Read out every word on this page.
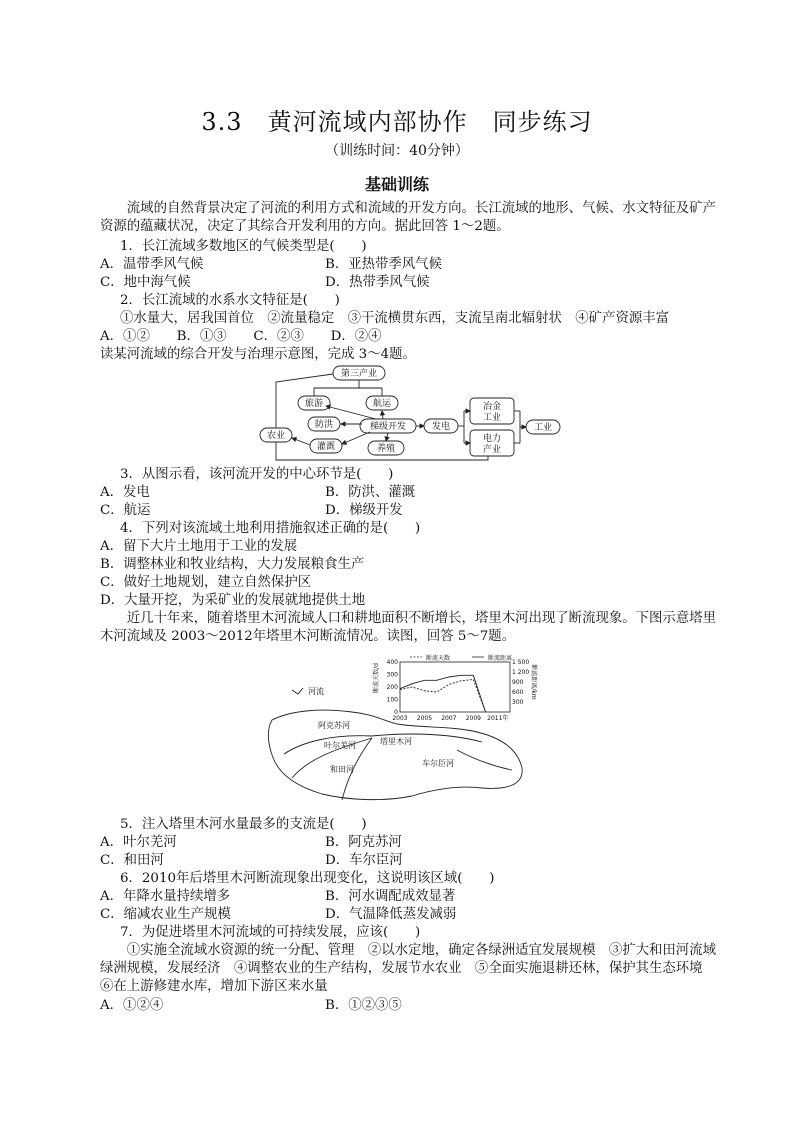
3.3　黄河流域内部协作　同步练习
（训练时间：40分钟）
基础训练
流域的自然背景决定了河流的利用方式和流域的开发方向。长江流域的地形、气候、水文特征及矿产资源的蕴藏状况，决定了其综合开发利用的方向。据此回答 1～2题。
1．长江流域多数地区的气候类型是(　　)
A．温带季风气候	B．亚热带季风气候
C．地中海气候	D．热带季风气候
2．长江流域的水系水文特征是(　　)
①水量大，居我国首位　②流量稳定　③干流横贯东西，支流呈南北辐射状　④矿产资源丰富
A．①②　　B．①③　　C．②③　　D．②④
读某河流域的综合开发与治理示意图，完成 3～4题。
第三产业
旅游	航运
防洪	梯级开发
灌溉	养殖
农业
发电
冶金
工业
电力
产业
工业
3．从图示看，该河流开发的中心环节是(　　)
A．发电	B．防洪、灌溉
C．航运	D．梯级开发
4．下列对该流域土地利用措施叙述正确的是(　　)
A．留下大片土地用于工业的发展
B．调整林业和牧业结构，大力发展粮食生产
C．做好土地规划，建立自然保护区
D．大量开挖，为采矿业的发展就地提供土地
近几十年来，随着塔里木河流域人口和耕地面积不断增长，塔里木河出现了断流现象。下图示意塔里木河流域及 2003～2012年塔里木河断流情况。读图，回答 5～7题。
河流
阿克苏河
叶尔羌河
和田河
塔里木河
车尔臣河
断流天数/d	断流距离/km
断流天数	断流距离
400
300
200
100
0
1 500
1 200
900
600
300
2003 2005 2007 2009 2011年
5．注入塔里木河水量最多的支流是(　　)
A．叶尔羌河	B．阿克苏河
C．和田河	D．车尔臣河
6．2010年后塔里木河断流现象出现变化，这说明该区域(　　)
A．年降水量持续增多	B．河水调配成效显著
C．缩减农业生产规模	D．气温降低蒸发减弱
7．为促进塔里木河流域的可持续发展，应该(　　)
①实施全流域水资源的统一分配、管理　②以水定地，确定各绿洲适宜发展规模　③扩大和田河流域绿洲规模，发展经济　④调整农业的生产结构，发展节水农业　⑤全面实施退耕还林，保护其生态环境　⑥在上游修建水库，增加下游区来水量
A．①②④	B．①②③⑤
